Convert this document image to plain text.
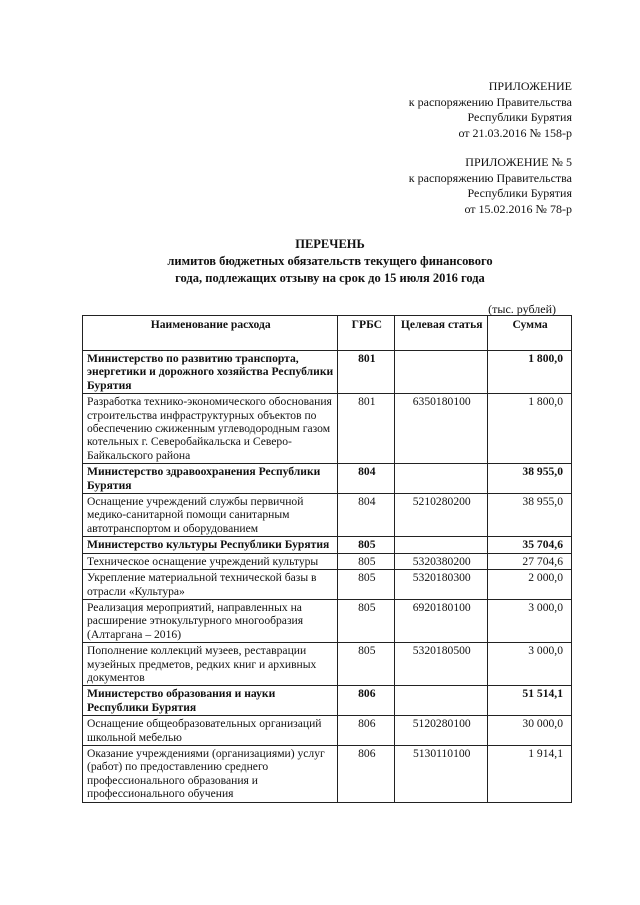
ПРИЛОЖЕНИЕ
к распоряжению Правительства
Республики Бурятия
от 21.03.2016 № 158-р
ПРИЛОЖЕНИЕ № 5
к распоряжению Правительства
Республики Бурятия
от 15.02.2016 № 78-р
ПЕРЕЧЕНЬ
лимитов бюджетных обязательств текущего финансового
года, подлежащих отзыву на срок до 15 июля 2016 года
(тыс. рублей)
Наименование расхода	ГРБС	Целевая статья	Сумма
Министерство по развитию транспорта, энергетики и дорожного хозяйства Республики Бурятия	801		1 800,0
Разработка технико-экономического обоснования строительства инфраструктурных объектов по обеспечению сжиженным углеводородным газом котельных г. Северобайкальска и Северо-Байкальского района	801	6350180100	1 800,0
Министерство здравоохранения Республики Бурятия	804		38 955,0
Оснащение учреждений службы первичной медико-санитарной помощи санитарным автотранспортом и оборудованием	804	5210280200	38 955,0
Министерство культуры Республики Бурятия	805		35 704,6
Техническое оснащение учреждений культуры	805	5320380200	27 704,6
Укрепление материальной технической базы в отрасли «Культура»	805	5320180300	2 000,0
Реализация мероприятий, направленных на расширение этнокультурного многообразия (Алтаргана – 2016)	805	6920180100	3 000,0
Пополнение коллекций музеев, реставрации музейных предметов, редких книг и архивных документов	805	5320180500	3 000,0
Министерство образования и науки Республики Бурятия	806		51 514,1
Оснащение общеобразовательных организаций школьной мебелью	806	5120280100	30 000,0
Оказание учреждениями (организациями) услуг (работ) по предоставлению среднего профессионального образования и профессионального обучения	806	5130110100	1 914,1
